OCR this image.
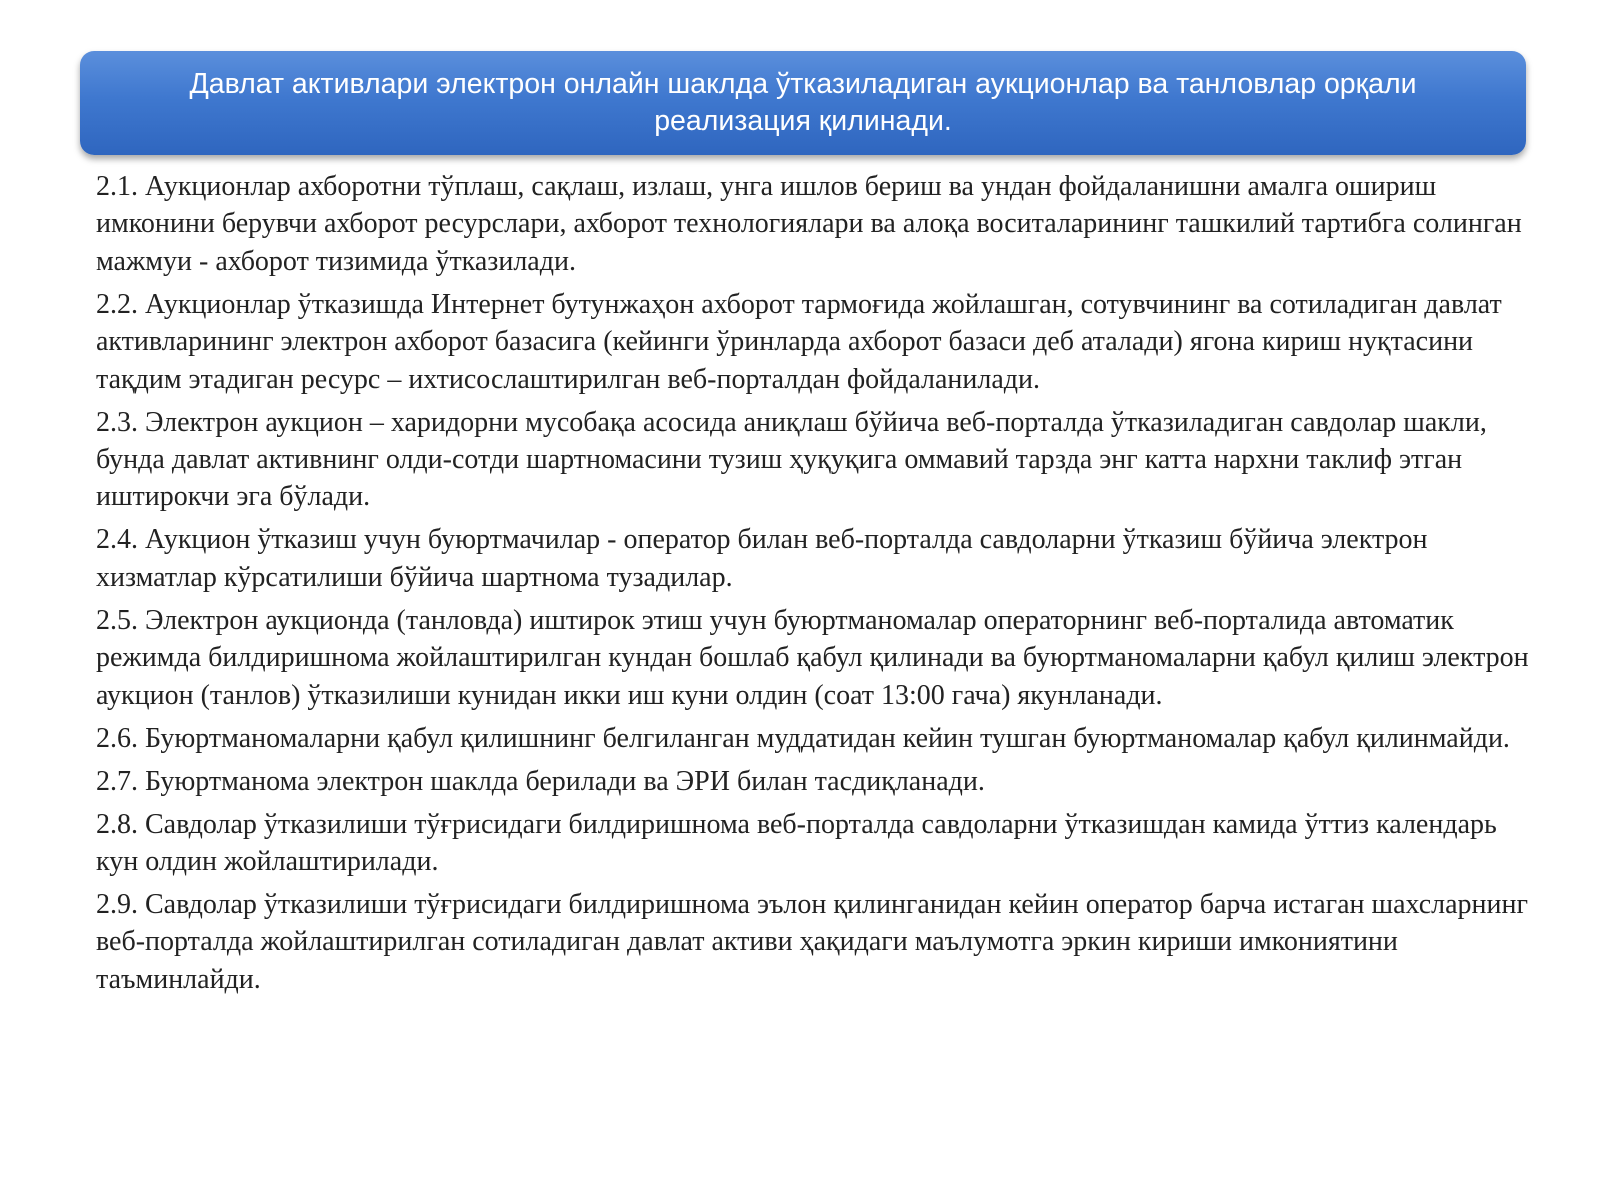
Давлат активлари электрон онлайн шаклда ўтказиладиган аукционлар ва танловлар орқали реализация қилинади.

2.1. Аукционлар ахборотни тўплаш, сақлаш, излаш, унга ишлов бериш ва ундан фойдаланишни амалга ошириш имконини берувчи ахборот ресурслари, ахборот технологиялари ва алоқа воситаларининг ташкилий тартибга солинган мажмуи - ахборот тизимида ўтказилади.

2.2. Аукционлар ўтказишда Интернет бутунжаҳон ахборот тармоғида жойлашган, сотувчининг ва сотиладиган давлат активларининг электрон ахборот базасига (кейинги ўринларда ахборот базаси деб аталади) ягона кириш нуқтасини тақдим этадиган ресурс – ихтисослаштирилган веб-порталдан фойдаланилади.

2.3. Электрон аукцион – харидорни мусобақа асосида аниқлаш бўйича веб-порталда ўтказиладиган савдолар шакли, бунда давлат активнинг олди-сотди шартномасини тузиш ҳуқуқига оммавий тарзда энг катта нархни таклиф этган иштирокчи эга бўлади.

2.4. Аукцион ўтказиш учун буюртмачилар - оператор билан веб-порталда савдоларни ўтказиш бўйича электрон хизматлар кўрсатилиши бўйича шартнома тузадилар.

2.5. Электрон аукционда (танловда) иштирок этиш учун буюртманомалар операторнинг веб-порталида автоматик режимда билдиришнома жойлаштирилган кундан бошлаб қабул қилинади ва буюртманомаларни қабул қилиш электрон аукцион (танлов) ўтказилиши кунидан икки иш куни олдин (соат 13:00 гача) якунланади.

2.6. Буюртманомаларни қабул қилишнинг белгиланган муддатидан кейин тушган буюртманомалар қабул қилинмайди.

2.7. Буюртманома электрон шаклда берилади ва ЭРИ билан тасдиқланади.

2.8. Савдолар ўтказилиши тўғрисидаги билдиришнома веб-порталда савдоларни ўтказишдан камида ўттиз календарь кун олдин жойлаштирилади.

2.9. Савдолар ўтказилиши тўғрисидаги билдиришнома эълон қилинганидан кейин оператор барча истаган шахсларнинг веб-порталда жойлаштирилган сотиладиган давлат активи ҳақидаги маълумотга эркин кириши имкониятини таъминлайди.
